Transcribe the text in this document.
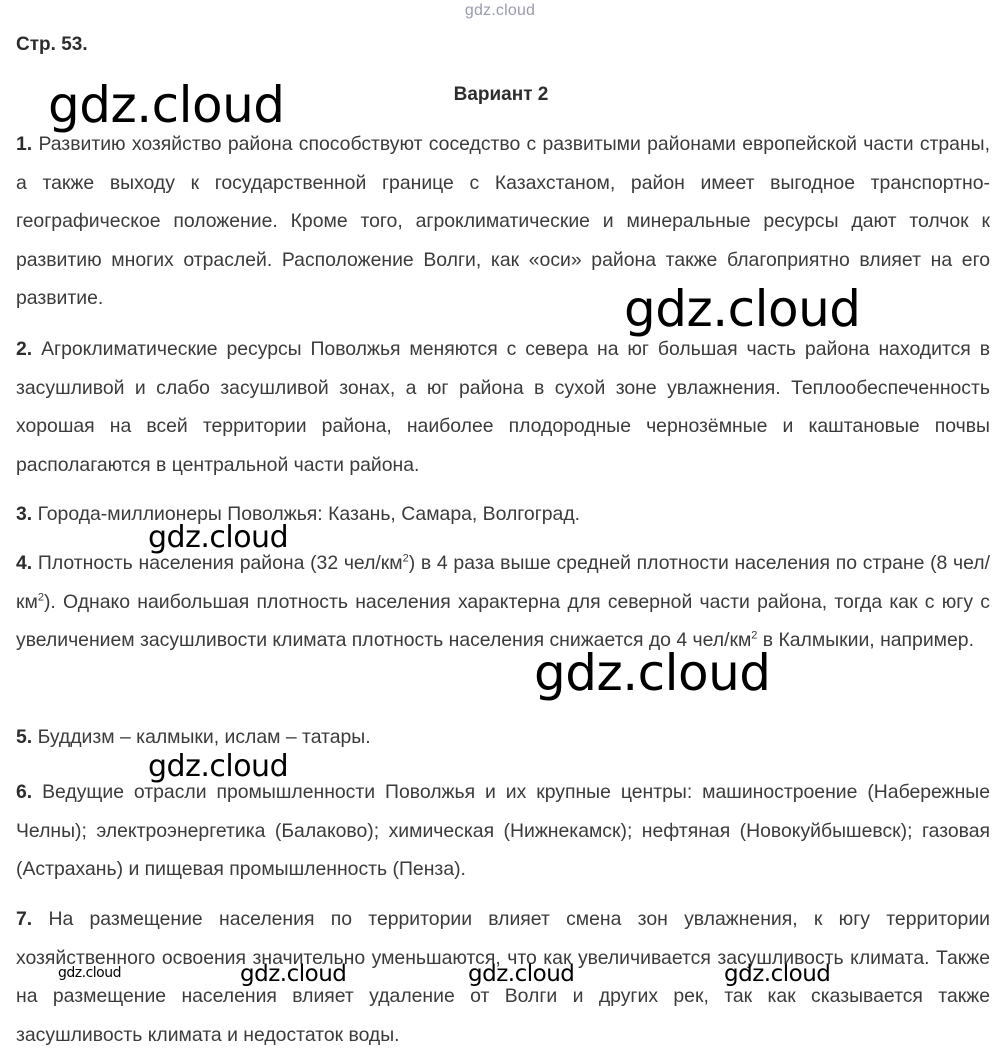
gdz.cloud
Стр. 53.
Вариант 2
1. Развитию хозяйство района способствуют соседство с развитыми районами европейской части страны, а также выходу к государственной границе с Казахстаном, район имеет выгодное транспортно-географическое положение. Кроме того, агроклиматические и минеральные ресурсы дают толчок к развитию многих отраслей. Расположение Волги, как «оси» района также благоприятно влияет на его развитие.
2. Агроклиматические ресурсы Поволжья меняются с севера на юг большая часть района находится в засушливой и слабо засушливой зонах, а юг района в сухой зоне увлажнения. Теплообеспеченность хорошая на всей территории района, наиболее плодородные чернозёмные и каштановые почвы располагаются в центральной части района.
3. Города-миллионеры Поволжья: Казань, Самара, Волгоград.
4. Плотность населения района (32 чел/$км^2$) в 4 раза выше средней плотности населения по стране (8 чел/$км^2$). Однако наибольшая плотность населения характерна для северной части района, тогда как с югу с увеличением засушливости климата плотность населения снижается до 4 чел/$км^2$ в Калмыкии, например.
5. Буддизм – калмыки, ислам – татары.
6. Ведущие отрасли промышленности Поволжья и их крупные центры: машиностроение (Набережные Челны); электроэнергетика (Балаково); химическая (Нижнекамск); нефтяная (Новокуйбышевск); газовая (Астрахань) и пищевая промышленность (Пенза).
7. На размещение населения по территории влияет смена зон увлажнения, к югу территории хозяйственного освоения значительно уменьшаются, что как увеличивается засушливость климата. Также на размещение населения влияет удаление от Волги и других рек, так как сказывается также засушливость климата и недостаток воды.
gdz.cloud
gdz.cloud
gdz.cloud
gdz.cloud
gdz.cloud
gdz.cloud	gdz.cloud	gdz.cloud	gdz.cloud
